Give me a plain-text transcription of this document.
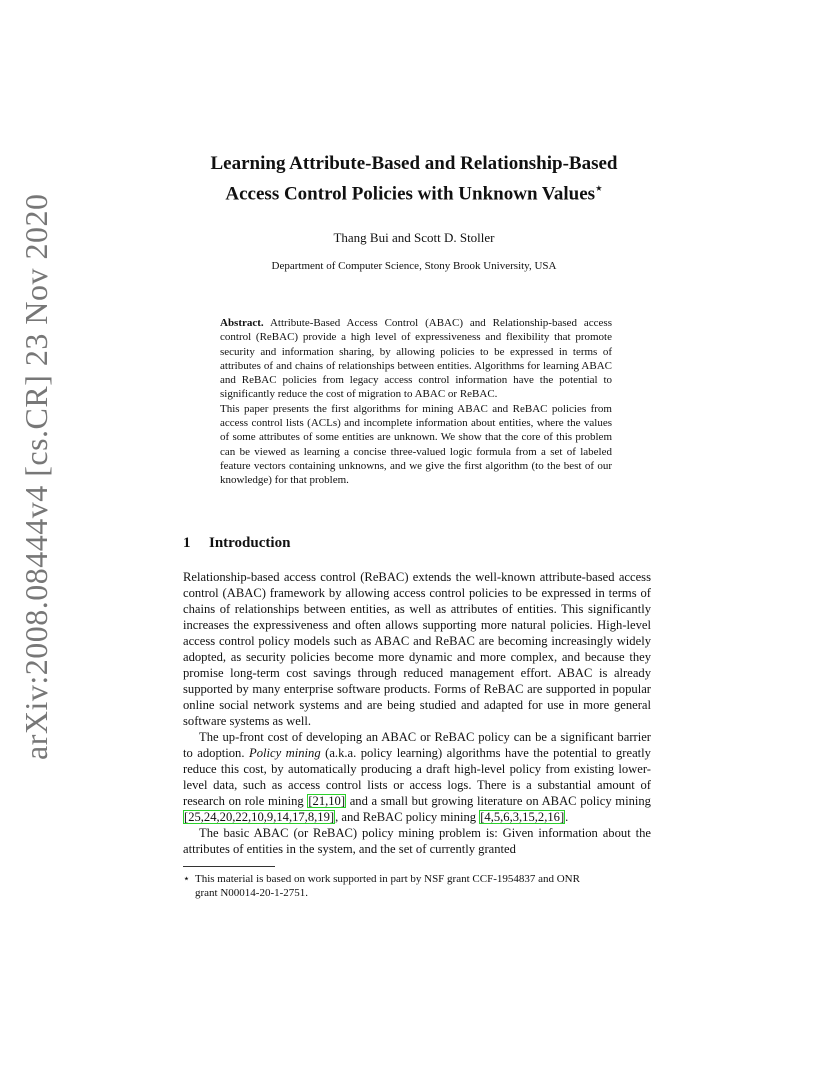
arXiv:2008.08444v4 [cs.CR] 23 Nov 2020
Learning Attribute-Based and Relationship-Based
Access Control Policies with Unknown Values⋆
Thang Bui and Scott D. Stoller
Department of Computer Science, Stony Brook University, USA

Abstract. Attribute-Based Access Control (ABAC) and Relationship-based access control (ReBAC) provide a high level of expressiveness and flexibility that promote security and information sharing, by allowing policies to be expressed in terms of attributes of and chains of relationships between entities. Algorithms for learning ABAC and ReBAC policies from legacy access control information have the potential to significantly reduce the cost of migration to ABAC or ReBAC.

This paper presents the first algorithms for mining ABAC and ReBAC policies from access control lists (ACLs) and incomplete information about entities, where the values of some attributes of some entities are unknown. We show that the core of this problem can be viewed as learning a concise three-valued logic formula from a set of labeled feature vectors containing unknowns, and we give the first algorithm (to the best of our knowledge) for that problem.

1 Introduction

Relationship-based access control (ReBAC) extends the well-known attribute-based access control (ABAC) framework by allowing access control policies to be expressed in terms of chains of relationships between entities, as well as attributes of entities. This significantly increases the expressiveness and often allows supporting more natural policies. High-level access control policy models such as ABAC and ReBAC are becoming increasingly widely adopted, as security policies become more dynamic and more complex, and because they promise long-term cost savings through reduced management effort. ABAC is already supported by many enterprise software products. Forms of ReBAC are supported in popular online social network systems and are being studied and adapted for use in more general software systems as well.

The up-front cost of developing an ABAC or ReBAC policy can be a significant barrier to adoption. Policy mining (a.k.a. policy learning) algorithms have the potential to greatly reduce this cost, by automatically producing a draft high-level policy from existing lower-level data, such as access control lists or access logs. There is a substantial amount of research on role mining [21,10] and a small but growing literature on ABAC policy mining [25,24,20,22,10,9,14,17,8,19], and ReBAC policy mining [4,5,6,3,15,2,16].

The basic ABAC (or ReBAC) policy mining problem is: Given information about the attributes of entities in the system, and the set of currently granted

⋆ This material is based on work supported in part by NSF grant CCF-1954837 and ONR
grant N00014-20-1-2751.
